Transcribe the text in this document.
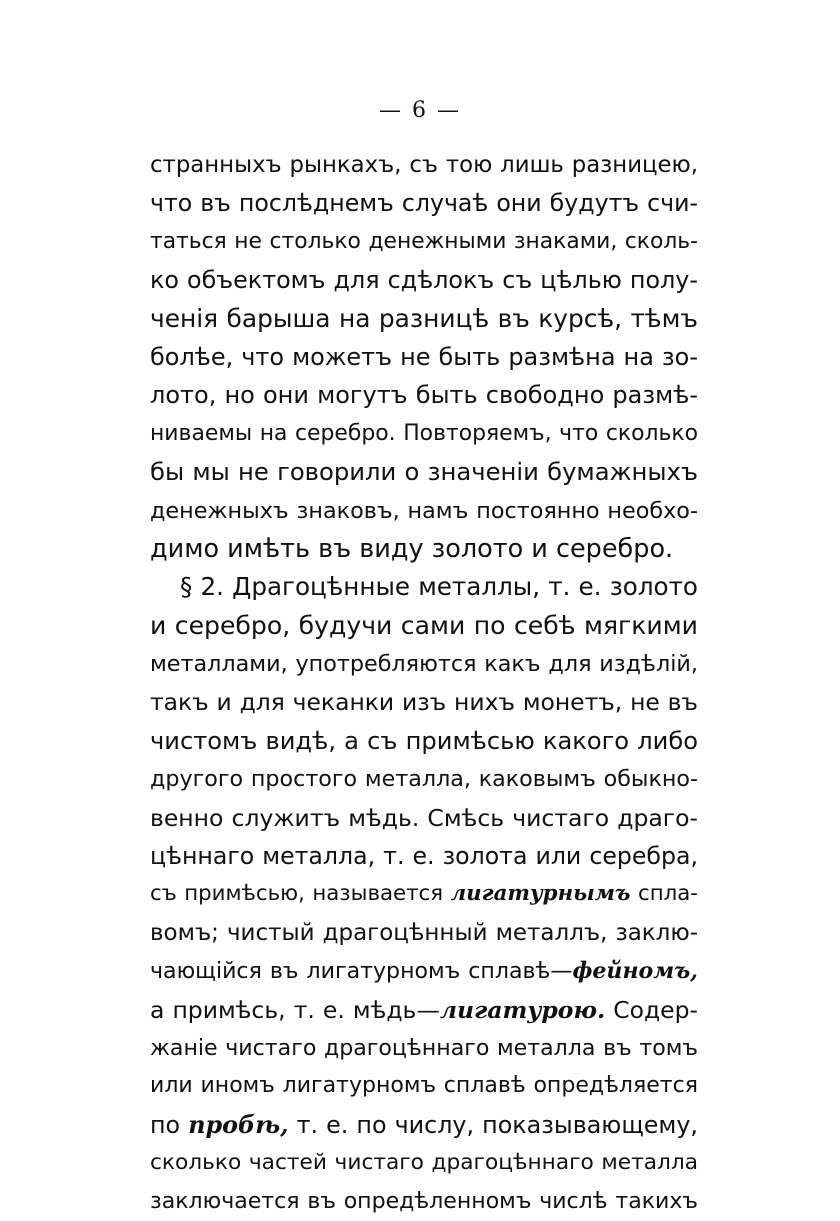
— 6 —
странныхъ рынкахъ, съ тою лишь разницею,
что въ послѣднемъ случаѣ они будутъ счи-
таться не столько денежными знаками, сколь-
ко объектомъ для сдѣлокъ съ цѣлью полу-
ченія барыша на разницѣ въ курсѣ, тѣмъ
болѣе, что можетъ не быть размѣна на зо-
лото, но они могутъ быть свободно размѣ-
ниваемы на серебро. Повторяемъ, что сколько
бы мы не говорили о значеніи бумажныхъ
денежныхъ знаковъ, намъ постоянно необхо-
димо имѣть въ виду золото и серебро.
§ 2. Драгоцѣнные металлы, т. е. золото
и серебро, будучи сами по себѣ мягкими
металлами, употребляются какъ для издѣлій,
такъ и для чеканки изъ нихъ монетъ, не въ
чистомъ видѣ, а съ примѣсью какого либо
другого простого металла, каковымъ обыкно-
венно служитъ мѣдь. Смѣсь чистаго драго-
цѣннаго металла, т. е. золота или серебра,
съ примѣсью, называется лигатурнымъ спла-
вомъ; чистый драгоцѣнный металлъ, заклю-
чающійся въ лигатурномъ сплавѣ—фейномъ,
а примѣсь, т. е. мѣдь—лигатурою. Содер-
жаніе чистаго драгоцѣннаго металла въ томъ
или иномъ лигатурномъ сплавѣ опредѣляется
по пробѣ, т. е. по числу, показывающему,
сколько частей чистаго драгоцѣннаго металла
заключается въ опредѣленномъ числѣ такихъ
